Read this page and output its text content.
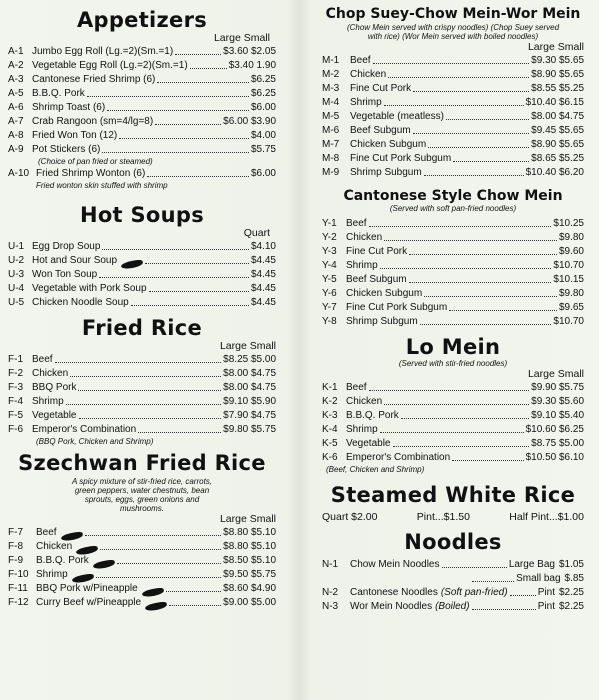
Appetizers
Large Small
A-1 Jumbo Egg Roll (Lg.=2)(Sm.=1)	$3.60 $2.05
A-2 Vegetable Egg Roll (Lg.=2)(Sm.=1)	$3.40 1.90
A-3 Cantonese Fried Shrimp (6)	$6.25
A-5 B.B.Q. Pork	$6.25
A-6 Shrimp Toast (6)	$6.00
A-7 Crab Rangoon (sm=4/lg=8)	$6.00 $3.90
A-8 Fried Won Ton (12)	$4.00
A-9 Pot Stickers (6)	$5.75
(Choice of pan fried or steamed)
A-10 Fried Shrimp Wonton (6)	$6.00
Fried wonton skin stuffed with shrimp
Hot Soups
Quart
U-1 Egg Drop Soup	$4.10
U-2 Hot and Sour Soup	$4.45
U-3 Won Ton Soup	$4.45
U-4 Vegetable with Pork Soup	$4.45
U-5 Chicken Noodle Soup	$4.45
Fried Rice
Large Small
F-1 Beef	$8.25 $5.00
F-2 Chicken	$8.00 $4.75
F-3 BBQ Pork	$8.00 $4.75
F-4 Shrimp	$9.10 $5.90
F-5 Vegetable	$7.90 $4.75
F-6 Emperor's Combination	$9.80 $5.75
(BBQ Pork, Chicken and Shrimp)
Szechwan Fried Rice
A spicy mixture of stir-fried rice, carrots, green peppers, water chestnuts, bean sprouts, eggs, green onions and mushrooms.
Large Small
F-7	Beef	$8.80 $5.10
F-8	Chicken	$8.80 $5.10
F-9	B.B.Q. Pork	$8.50 $5.10
F-10 Shrimp	$9.50 $5.75
F-11 BBQ Pork w/Pineapple	$8.60 $4.90
F-12 Curry Beef w/Pineapple	$9.00 $5.00
Chop Suey-Chow Mein-Wor Mein
(Chow Mein served with crispy noodles) (Chop Suey served with rice) (Wor Mein served with boiled noodles)
Large Small
M-1	Beef	$9.30 $5.65
M-2	Chicken	$8.90 $5.65
M-3	Fine Cut Pork	$8.55 $5.25
M-4	Shrimp	$10.40 $6.15
M-5	Vegetable (meatless)	$8.00 $4.75
M-6	Beef Subgum	$9.45 $5.65
M-7	Chicken Subgum	$8.90 $5.65
M-8	Fine Cut Pork Subgum	$8.65 $5.25
M-9	Shrimp Subgum	$10.40 $6.20
Cantonese Style Chow Mein
(Served with soft pan-fried noodles)
Y-1 Beef	$10.25
Y-2 Chicken	$9.80
Y-3 Fine Cut Pork	$9.60
Y-4 Shrimp	$10.70
Y-5 Beef Subgum	$10.15
Y-6 Chicken Subgum	$9.80
Y-7 Fine Cut Pork Subgum	$9.65
Y-8 Shrimp Subgum	$10.70
Lo Mein
(Served with stir-fried noodles)
Large Small
K-1 Beef	$9.90 $5.75
K-2 Chicken	$9.30 $5.60
K-3 B.B.Q. Pork	$9.10 $5.40
K-4 Shrimp	$10.60 $6.25
K-5 Vegetable	$8.75 $5.00
K-6 Emperor's Combination	$10.50 $6.10
(Beef, Chicken and Shrimp)
Steamed White Rice
Quart $2.00	Pint...$1.50	Half Pint...$1.00
Noodles
N-1	Chow Mein Noodles	Large Bag $1.05
Small bag $.85
N-2	Cantonese Noodles (Soft pan-fried)	Pint $2.25
N-3	Wor Mein Noodles (Boiled)	Pint $2.25
